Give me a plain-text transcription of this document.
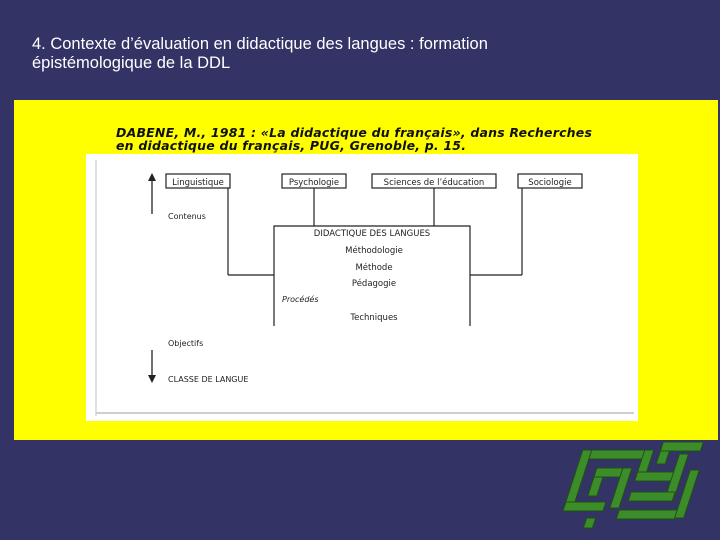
4. Contexte d’évaluation en didactique des langues : formation
épistémologique de la DDL
DABENE, M., 1981 : «La didactique du français», dans Recherches
en didactique du français, PUG, Grenoble, p. 15.
Linguistique	Psychologie	Sciences de l’éducation	Sociologie
DIDACTIQUE DES LANGUES
Méthodologie
Méthode
Pédagogie
Procédés
Techniques
Contenus
Objectifs
CLASSE DE LANGUE
